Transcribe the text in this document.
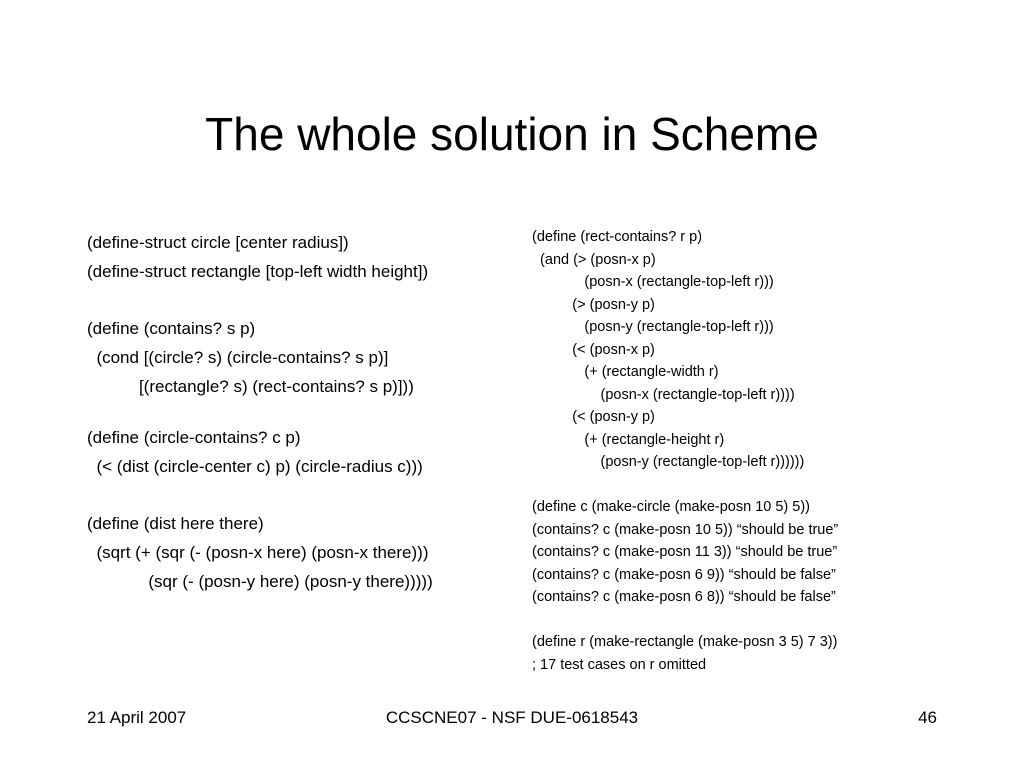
The whole solution in Scheme
(define-struct circle [center radius])
(define-struct rectangle [top-left width height])
(define (contains? s p)
(cond [(circle? s) (circle-contains? s p)]
[(rectangle? s) (rect-contains? s p)]))
(define (circle-contains? c p)
(< (dist (circle-center c) p) (circle-radius c)))
(define (dist here there)
(sqrt (+ (sqr (- (posn-x here) (posn-x there)))
(sqr (- (posn-y here) (posn-y there)))))
(define (rect-contains? r p)
(and (> (posn-x p)
(posn-x (rectangle-top-left r)))
(> (posn-y p)
(posn-y (rectangle-top-left r)))
(< (posn-x p)
(+ (rectangle-width r)
(posn-x (rectangle-top-left r))))
(< (posn-y p)
(+ (rectangle-height r)
(posn-y (rectangle-top-left r))))))
(define c (make-circle (make-posn 10 5) 5))
(contains? c (make-posn 10 5)) “should be true”
(contains? c (make-posn 11 3)) “should be true”
(contains? c (make-posn 6 9)) “should be false”
(contains? c (make-posn 6 8)) “should be false”
(define r (make-rectangle (make-posn 3 5) 7 3))
; 17 test cases on r omitted
21 April 2007	CCSCNE07 - NSF DUE-0618543	46
